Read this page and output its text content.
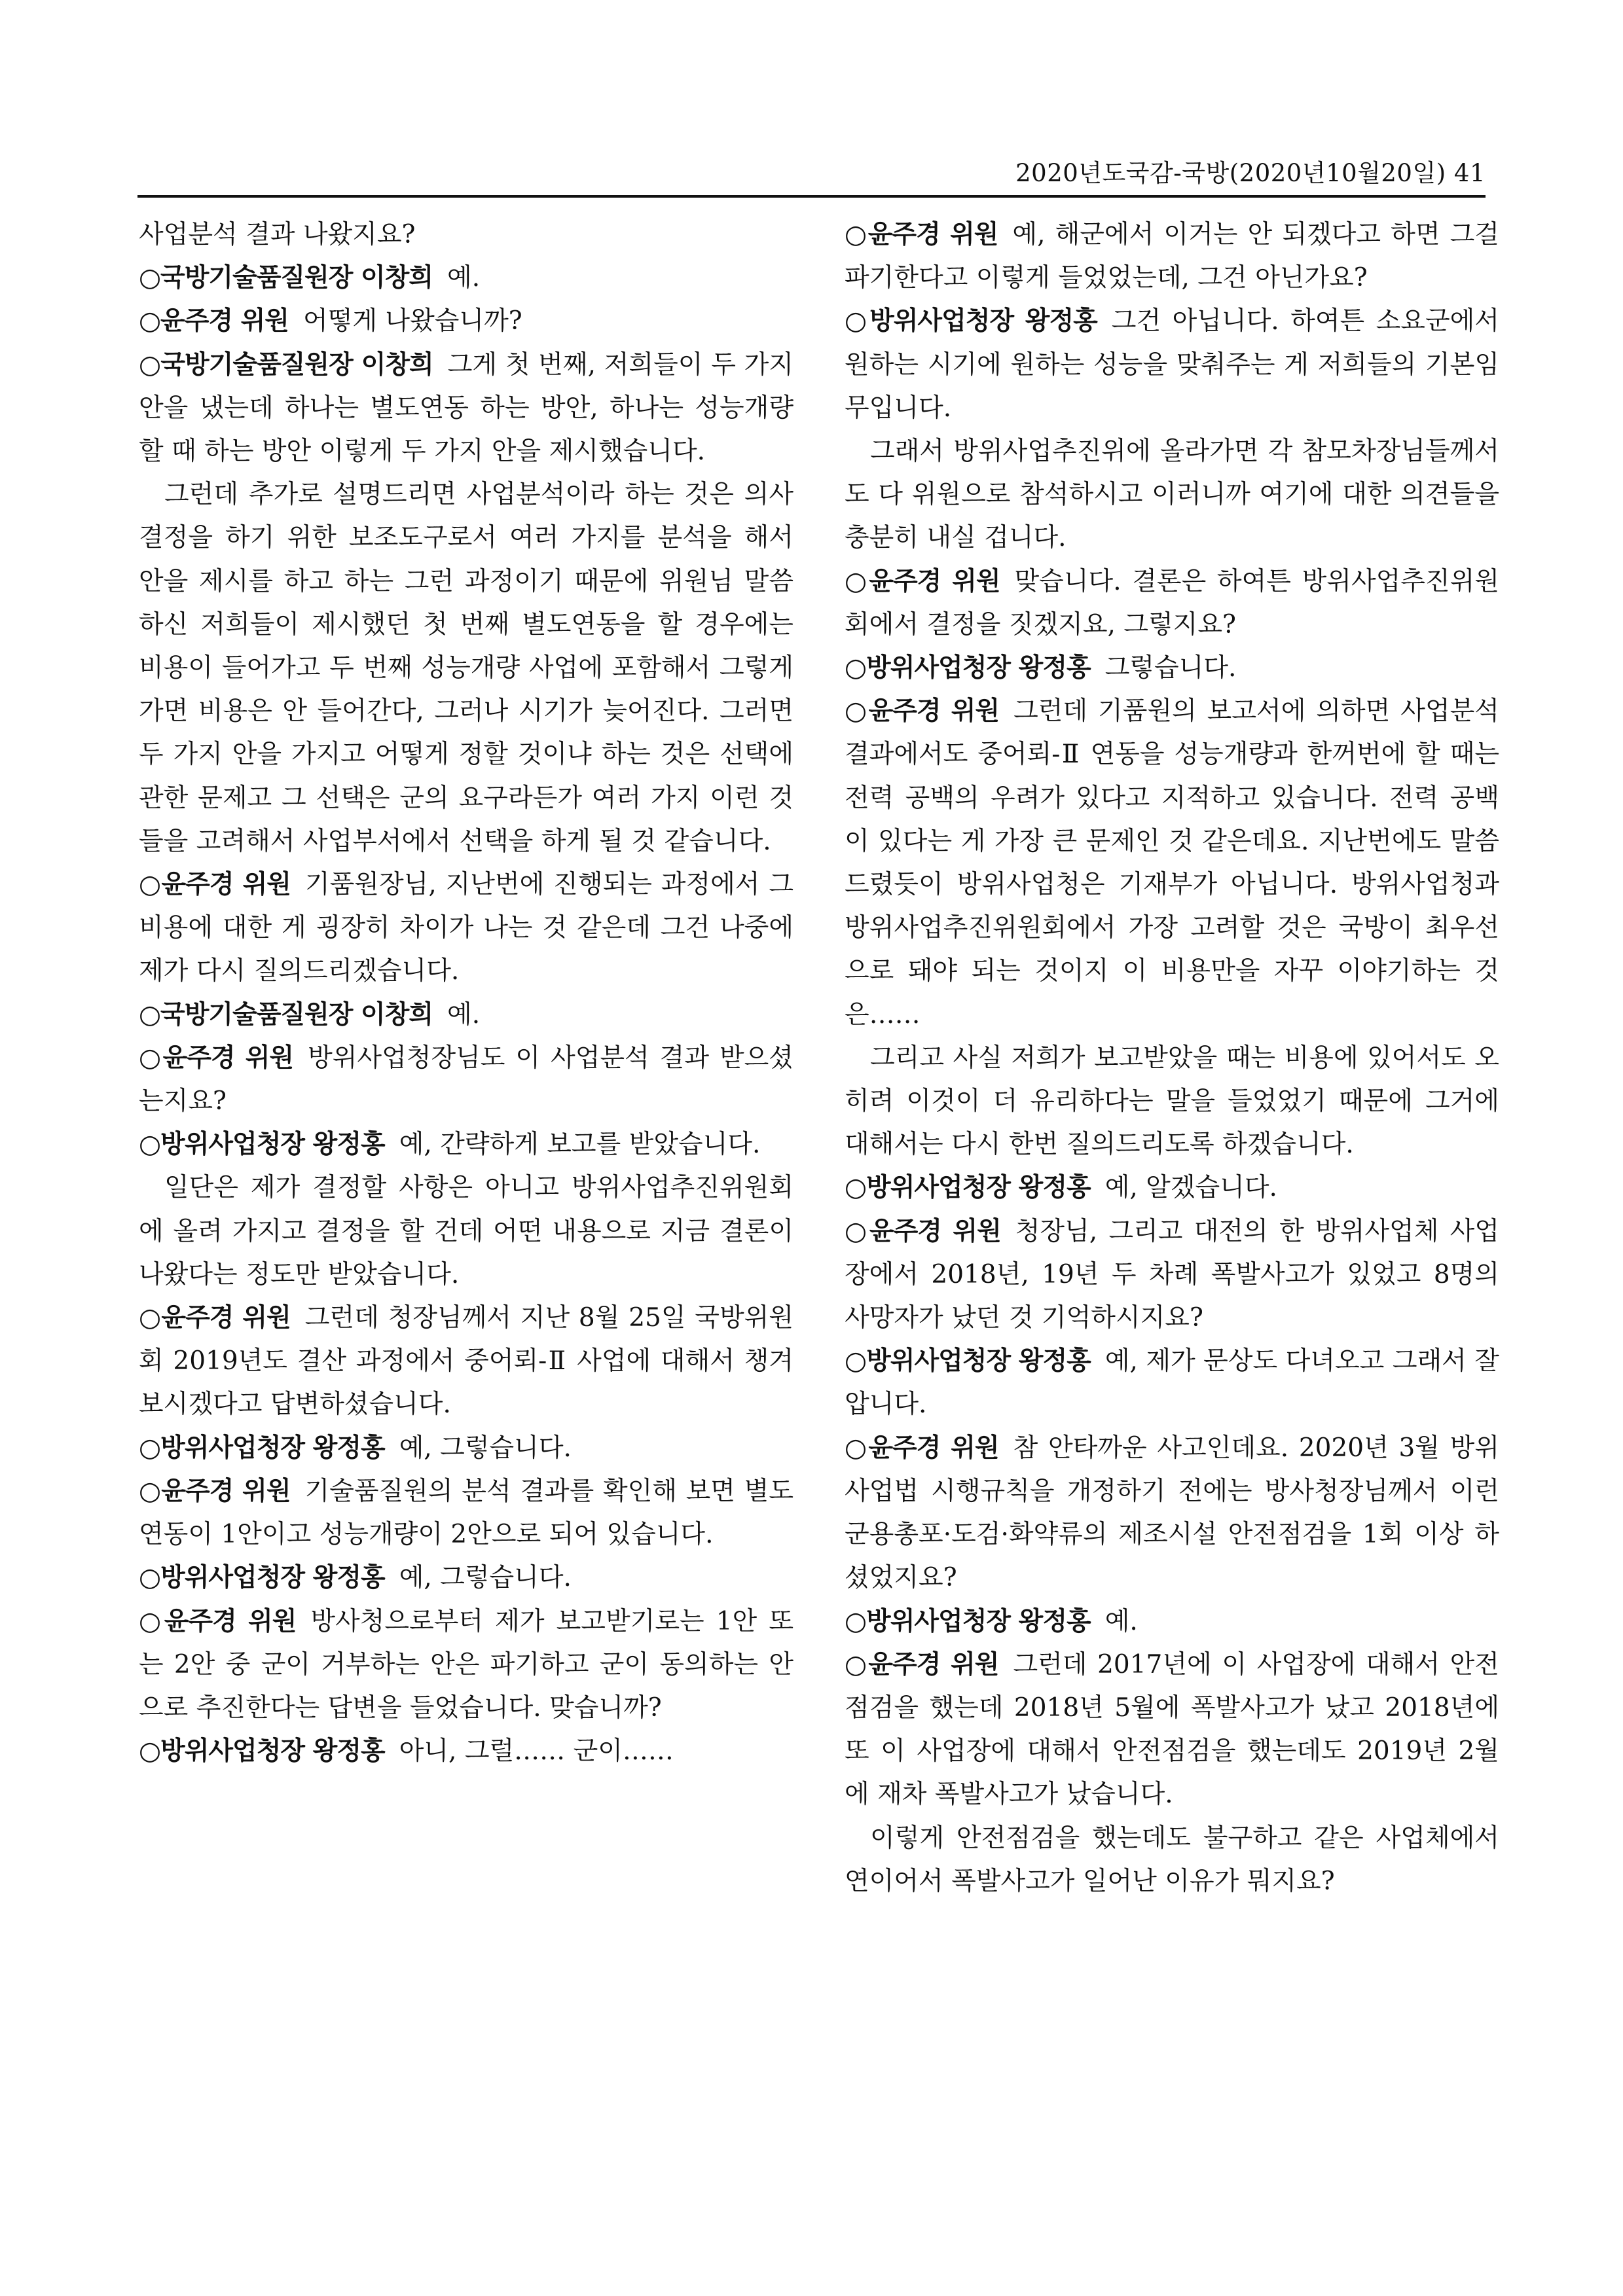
2020년도국감-국방(2020년10월20일) 41

사업분석 결과 나왔지요?

○국방기술품질원장 이창희 예.

○윤주경 위원 어떻게 나왔습니까?

○국방기술품질원장 이창희 그게 첫 번째, 저희들이 두 가지 안을 냈는데 하나는 별도연동 하는 방안, 하나는 성능개량 할 때 하는 방안 이렇게 두 가지 안을 제시했습니다.

그런데 추가로 설명드리면 사업분석이라 하는 것은 의사결정을 하기 위한 보조도구로서 여러 가지를 분석을 해서 안을 제시를 하고 하는 그런 과정이기 때문에 위원님 말씀하신 저희들이 제시했던 첫 번째 별도연동을 할 경우에는 비용이 들어가고 두 번째 성능개량 사업에 포함해서 그렇게 가면 비용은 안 들어간다, 그러나 시기가 늦어진다. 그러면 두 가지 안을 가지고 어떻게 정할 것이냐 하는 것은 선택에 관한 문제고 그 선택은 군의 요구라든가 여러 가지 이런 것들을 고려해서 사업부서에서 선택을 하게 될 것 같습니다.

○윤주경 위원 기품원장님, 지난번에 진행되는 과정에서 그 비용에 대한 게 굉장히 차이가 나는 것 같은데 그건 나중에 제가 다시 질의드리겠습니다.

○국방기술품질원장 이창희 예.

○윤주경 위원 방위사업청장님도 이 사업분석 결과 받으셨는지요?

○방위사업청장 왕정홍 예, 간략하게 보고를 받았습니다.

일단은 제가 결정할 사항은 아니고 방위사업추진위원회에 올려 가지고 결정을 할 건데 어떤 내용으로 지금 결론이 나왔다는 정도만 받았습니다.

○윤주경 위원 그런데 청장님께서 지난 8월 25일 국방위원회 2019년도 결산 과정에서 중어뢰-Ⅱ 사업에 대해서 챙겨 보시겠다고 답변하셨습니다.

○방위사업청장 왕정홍 예, 그렇습니다.

○윤주경 위원 기술품질원의 분석 결과를 확인해 보면 별도연동이 1안이고 성능개량이 2안으로 되어 있습니다.

○방위사업청장 왕정홍 예, 그렇습니다.

○윤주경 위원 방사청으로부터 제가 보고받기로는 1안 또는 2안 중 군이 거부하는 안은 파기하고 군이 동의하는 안으로 추진한다는 답변을 들었습니다. 맞습니까?

○방위사업청장 왕정홍 아니, 그럴…… 군이……

○윤주경 위원 예, 해군에서 이거는 안 되겠다고 하면 그걸 파기한다고 이렇게 들었었는데, 그건 아닌가요?

○방위사업청장 왕정홍 그건 아닙니다. 하여튼 소요군에서 원하는 시기에 원하는 성능을 맞춰주는 게 저희들의 기본임무입니다.

그래서 방위사업추진위에 올라가면 각 참모차장님들께서도 다 위원으로 참석하시고 이러니까 여기에 대한 의견들을 충분히 내실 겁니다.

○윤주경 위원 맞습니다. 결론은 하여튼 방위사업추진위원회에서 결정을 짓겠지요, 그렇지요?

○방위사업청장 왕정홍 그렇습니다.

○윤주경 위원 그런데 기품원의 보고서에 의하면 사업분석 결과에서도 중어뢰-Ⅱ 연동을 성능개량과 한꺼번에 할 때는 전력 공백의 우려가 있다고 지적하고 있습니다. 전력 공백이 있다는 게 가장 큰 문제인 것 같은데요. 지난번에도 말씀드렸듯이 방위사업청은 기재부가 아닙니다. 방위사업청과 방위사업추진위원회에서 가장 고려할 것은 국방이 최우선으로 돼야 되는 것이지 이 비용만을 자꾸 이야기하는 것은……

그리고 사실 저희가 보고받았을 때는 비용에 있어서도 오히려 이것이 더 유리하다는 말을 들었었기 때문에 그거에 대해서는 다시 한번 질의드리도록 하겠습니다.

○방위사업청장 왕정홍 예, 알겠습니다.

○윤주경 위원 청장님, 그리고 대전의 한 방위사업체 사업장에서 2018년, 19년 두 차례 폭발사고가 있었고 8명의 사망자가 났던 것 기억하시지요?

○방위사업청장 왕정홍 예, 제가 문상도 다녀오고 그래서 잘 압니다.

○윤주경 위원 참 안타까운 사고인데요. 2020년 3월 방위사업법 시행규칙을 개정하기 전에는 방사청장님께서 이런 군용총포·도검·화약류의 제조시설 안전점검을 1회 이상 하셨었지요?

○방위사업청장 왕정홍 예.

○윤주경 위원 그런데 2017년에 이 사업장에 대해서 안전점검을 했는데 2018년 5월에 폭발사고가 났고 2018년에 또 이 사업장에 대해서 안전점검을 했는데도 2019년 2월에 재차 폭발사고가 났습니다.

이렇게 안전점검을 했는데도 불구하고 같은 사업체에서 연이어서 폭발사고가 일어난 이유가 뭐지요?
